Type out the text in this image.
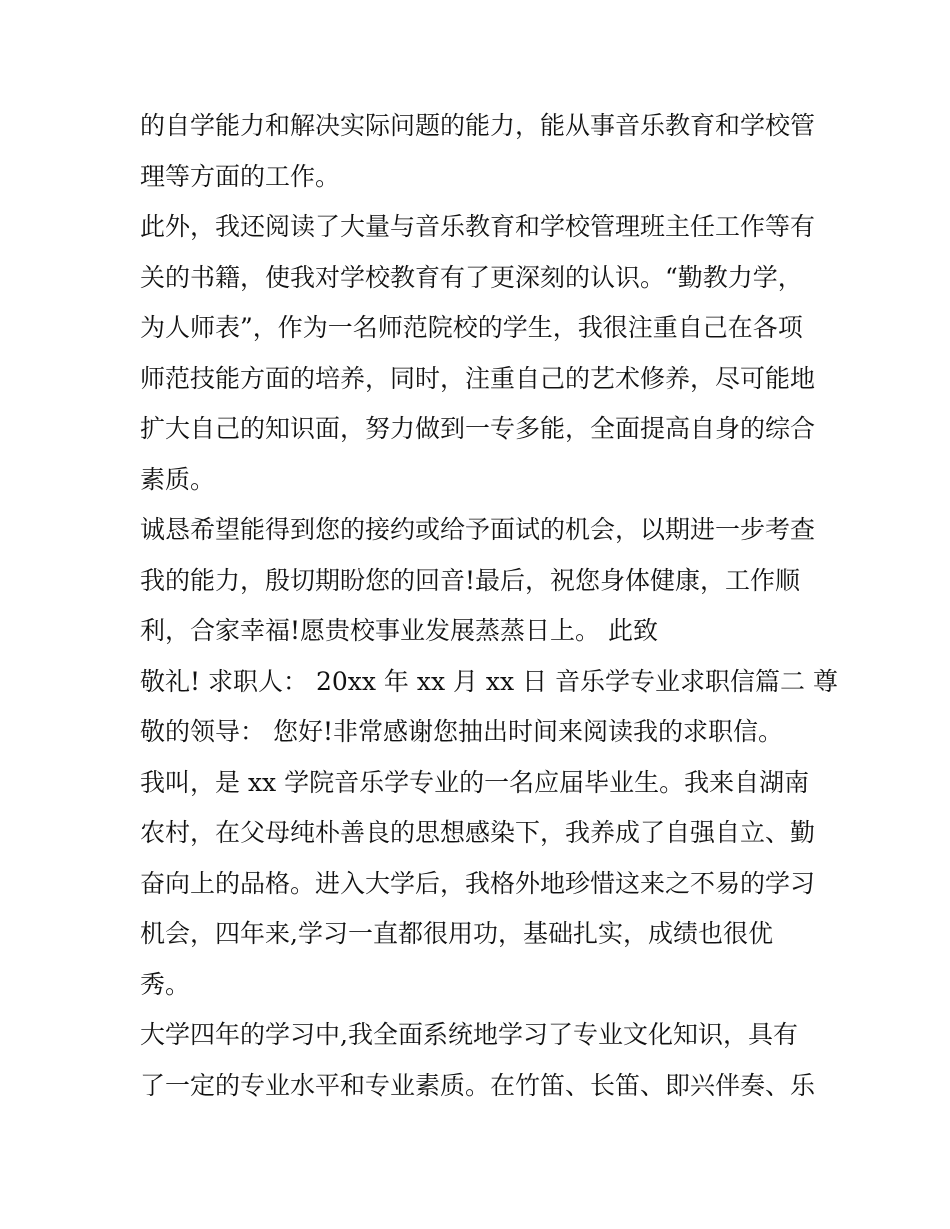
的自学能力和解决实际问题的能力，能从事音乐教育和学校管
理等方面的工作。
此外，我还阅读了大量与音乐教育和学校管理班主任工作等有
关的书籍，使我对学校教育有了更深刻的认识。“勤教力学，
为人师表”，作为一名师范院校的学生，我很注重自己在各项
师范技能方面的培养，同时，注重自己的艺术修养，尽可能地
扩大自己的知识面，努力做到一专多能，全面提高自身的综合
素质。
诚恳希望能得到您的接约或给予面试的机会，以期进一步考查
我的能力，殷切期盼您的回音!最后，祝您身体健康，工作顺
利，合家幸福!愿贵校事业发展蒸蒸日上。 此致
敬礼! 求职人： 20xx 年 xx 月 xx 日 音乐学专业求职信篇二 尊
敬的领导： 您好!非常感谢您抽出时间来阅读我的求职信。
我叫，是 xx 学院音乐学专业的一名应届毕业生。我来自湖南
农村，在父母纯朴善良的思想感染下，我养成了自强自立、勤
奋向上的品格。进入大学后，我格外地珍惜这来之不易的学习
机会，四年来,学习一直都很用功，基础扎实，成绩也很优
秀。
大学四年的学习中,我全面系统地学习了专业文化知识，具有
了一定的专业水平和专业素质。在竹笛、长笛、即兴伴奏、乐
